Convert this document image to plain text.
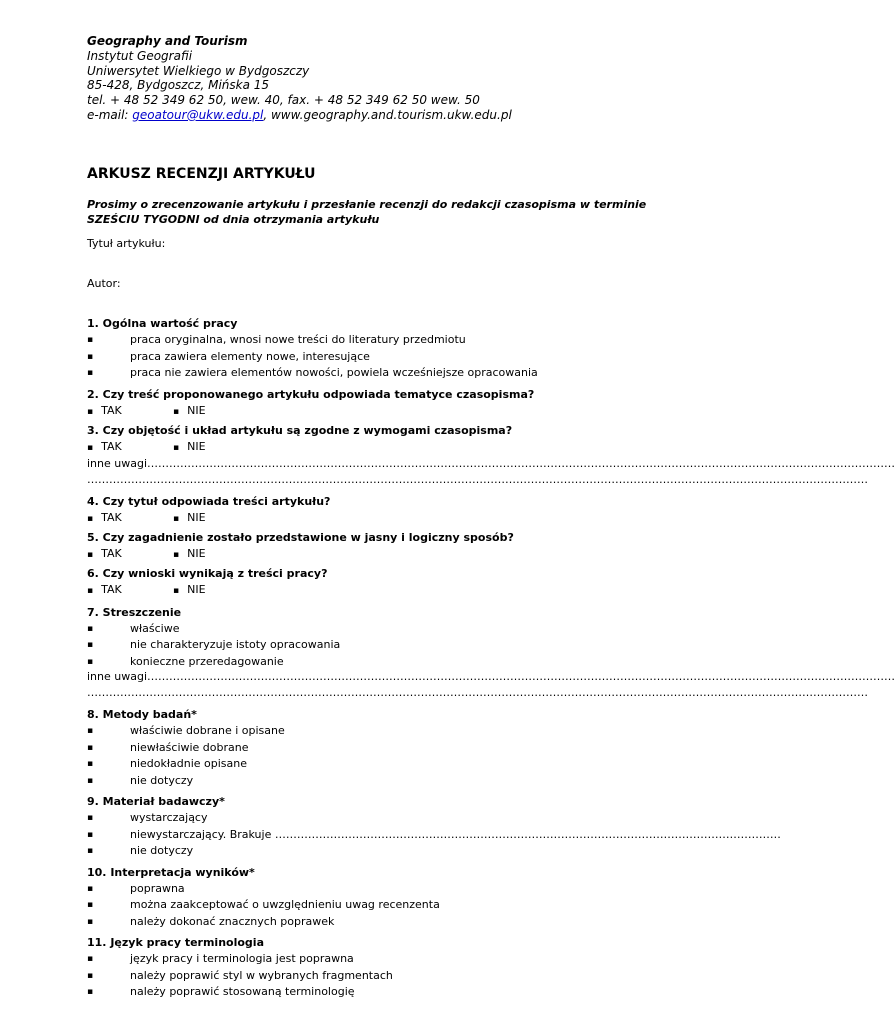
Geography and Tourism
Instytut Geografii
Uniwersytet Wielkiego w Bydgoszczy
85-428, Bydgoszcz, Mińska 15
tel. + 48 52 349 62 50, wew. 40, fax. + 48 52 349 62 50 wew. 50
e-mail: geoatour@ukw.edu.pl, www.geography.and.tourism.ukw.edu.pl
ARKUSZ RECENZJI ARTYKUŁU
Prosimy o zrecenzowanie artykułu i przesłanie recenzji do redakcji czasopisma w terminie SZEŚCIU TYGODNI od dnia otrzymania artykułu
Tytuł artykułu:
Autor:
1. Ogólna wartość pracy
▪	praca oryginalna, wnosi nowe treści do literatury przedmiotu
▪	praca zawiera elementy nowe, interesujące
▪	praca nie zawiera elementów nowości, powiela wcześniejsze opracowania
2. Czy treść proponowanego artykułu odpowiada tematyce czasopisma?
▪ TAK	▪ NIE
3. Czy objętość i układ artykułu są zgodne z wymogami czasopisma?
▪ TAK	▪ NIE
inne uwagi……………………………………………………………………………………………………………………………………………………………………………………
……………………………………………………………………………………………………………………………………………………………………………………………
4. Czy tytuł odpowiada treści artykułu?
▪ TAK	▪ NIE
5. Czy zagadnienie zostało przedstawione w jasny i logiczny sposób?
▪ TAK	▪ NIE
6. Czy wnioski wynikają z treści pracy?
▪ TAK	▪ NIE
7. Streszczenie
▪	właściwe
▪	nie charakteryzuje istoty opracowania
▪	konieczne przeredagowanie
inne uwagi……………………………………………………………………………………………………………………………………………………………………………………
……………………………………………………………………………………………………………………………………………………………………………………………
8. Metody badań*
▪	właściwie dobrane i opisane
▪	niewłaściwie dobrane
▪	niedokładnie opisane
▪	nie dotyczy
9. Materiał badawczy*
▪	wystarczający
▪	niewystarczający. Brakuje …………………………………………………………………………………………………………………………
▪	nie dotyczy
10. Interpretacja wyników*
▪	poprawna
▪	można zaakceptować o uwzględnieniu uwag recenzenta
▪	należy dokonać znacznych poprawek
11. Język pracy terminologia
▪	język pracy i terminologia jest poprawna
▪	należy poprawić styl w wybranych fragmentach
▪	należy poprawić stosowaną terminologię
